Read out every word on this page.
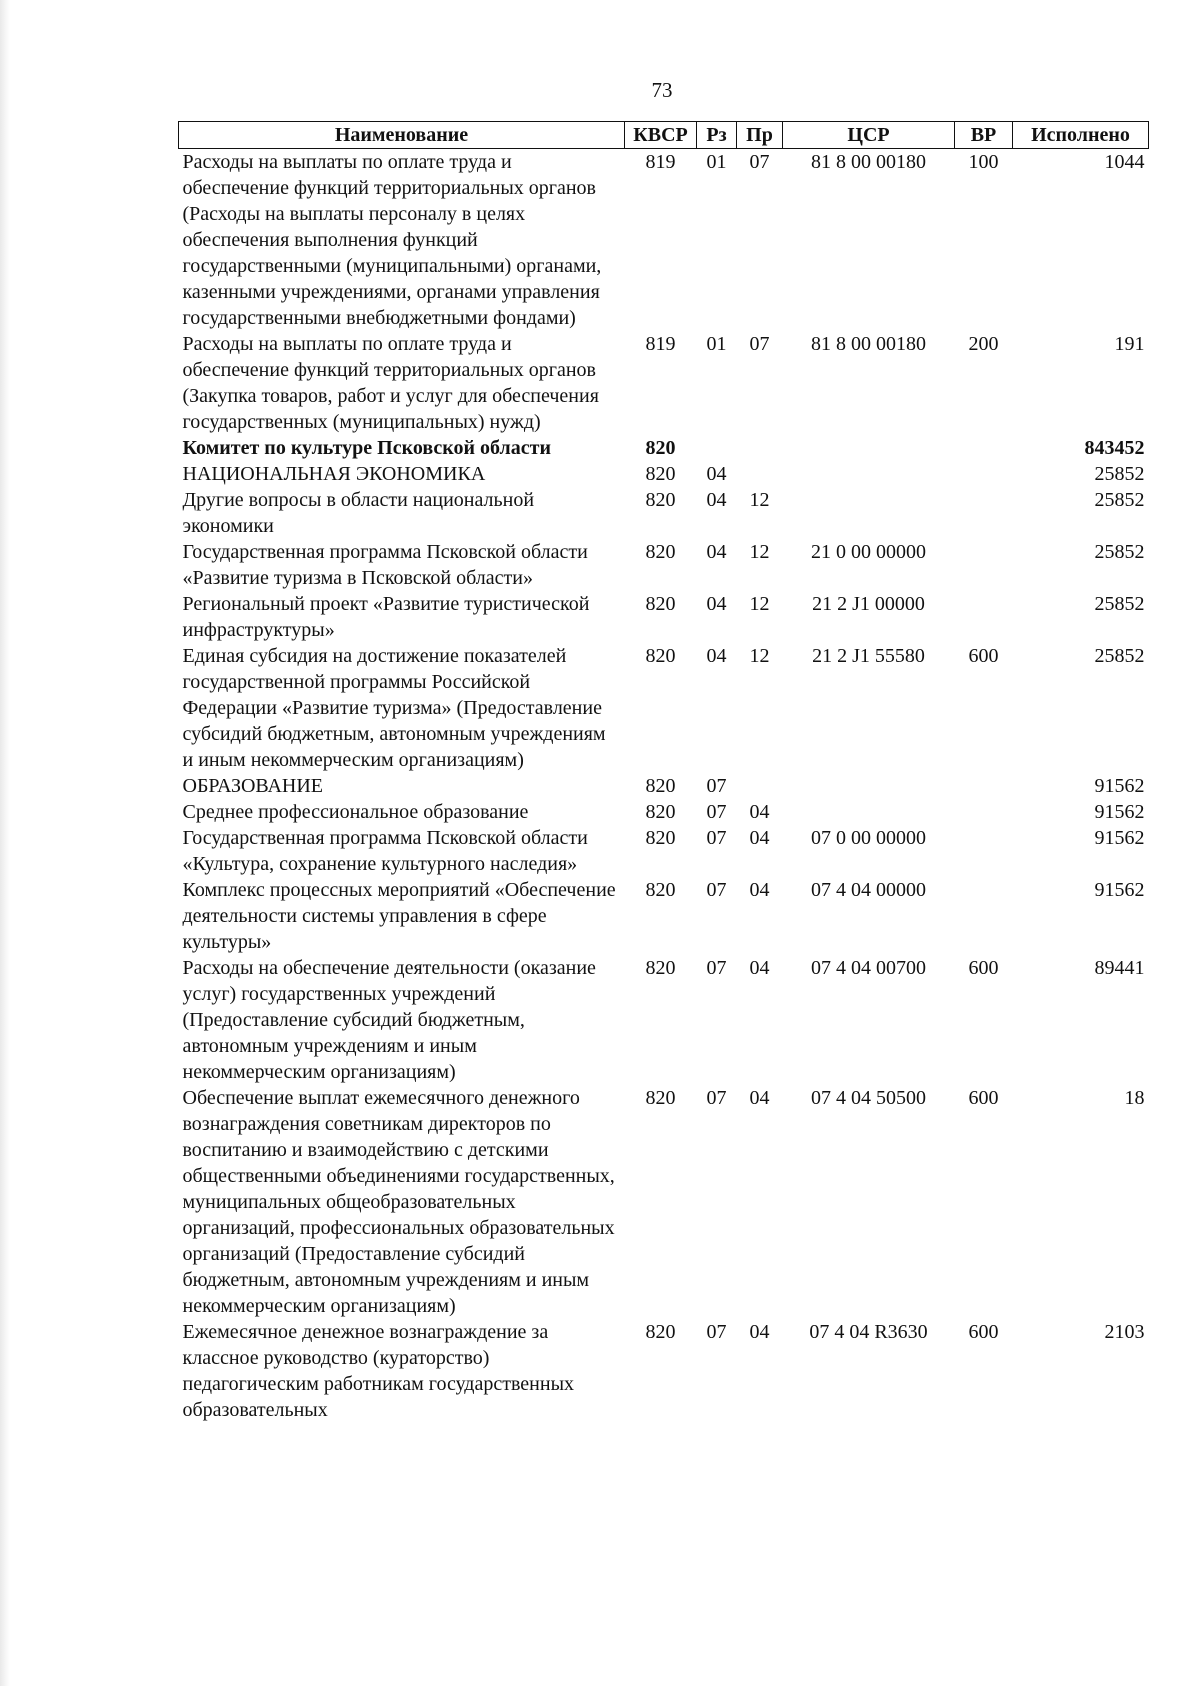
73
Наименование	КВСР	Рз	Пр	ЦСР	ВР	Исполнено
Расходы на выплаты по оплате труда и обеспечение функций территориальных органов (Расходы на выплаты персоналу в целях обеспечения выполнения функций государственными (муниципальными) органами, казенными учреждениями, органами управления государственными внебюджетными фондами)	819	01	07	81 8 00 00180	100	1044
Расходы на выплаты по оплате труда и обеспечение функций территориальных органов (Закупка товаров, работ и услуг для обеспечения государственных (муниципальных) нужд)	819	01	07	81 8 00 00180	200	191
Комитет по культуре Псковской области	820					843452
НАЦИОНАЛЬНАЯ ЭКОНОМИКА	820	04				25852
Другие вопросы в области национальной экономики	820	04	12			25852
Государственная программа Псковской области «Развитие туризма в Псковской области»	820	04	12	21 0 00 00000		25852
Региональный проект «Развитие туристической инфраструктуры»	820	04	12	21 2 J1 00000		25852
Единая субсидия на достижение показателей государственной программы Российской Федерации «Развитие туризма» (Предоставление субсидий бюджетным, автономным учреждениям и иным некоммерческим организациям)	820	04	12	21 2 J1 55580	600	25852
ОБРАЗОВАНИЕ	820	07				91562
Среднее профессиональное образование	820	07	04			91562
Государственная программа Псковской области «Культура, сохранение культурного наследия»	820	07	04	07 0 00 00000		91562
Комплекс процессных мероприятий «Обеспечение деятельности системы управления в сфере культуры»	820	07	04	07 4 04 00000		91562
Расходы на обеспечение деятельности (оказание услуг) государственных учреждений (Предоставление субсидий бюджетным, автономным учреждениям и иным некоммерческим организациям)	820	07	04	07 4 04 00700	600	89441
Обеспечение выплат ежемесячного денежного вознаграждения советникам директоров по воспитанию и взаимодействию с детскими общественными объединениями государственных, муниципальных общеобразовательных организаций, профессиональных образовательных организаций (Предоставление субсидий бюджетным, автономным учреждениям и иным некоммерческим организациям)	820	07	04	07 4 04 50500	600	18
Ежемесячное денежное вознаграждение за классное руководство (кураторство) педагогическим работникам государственных образовательных	820	07	04	07 4 04 R3630	600	2103
